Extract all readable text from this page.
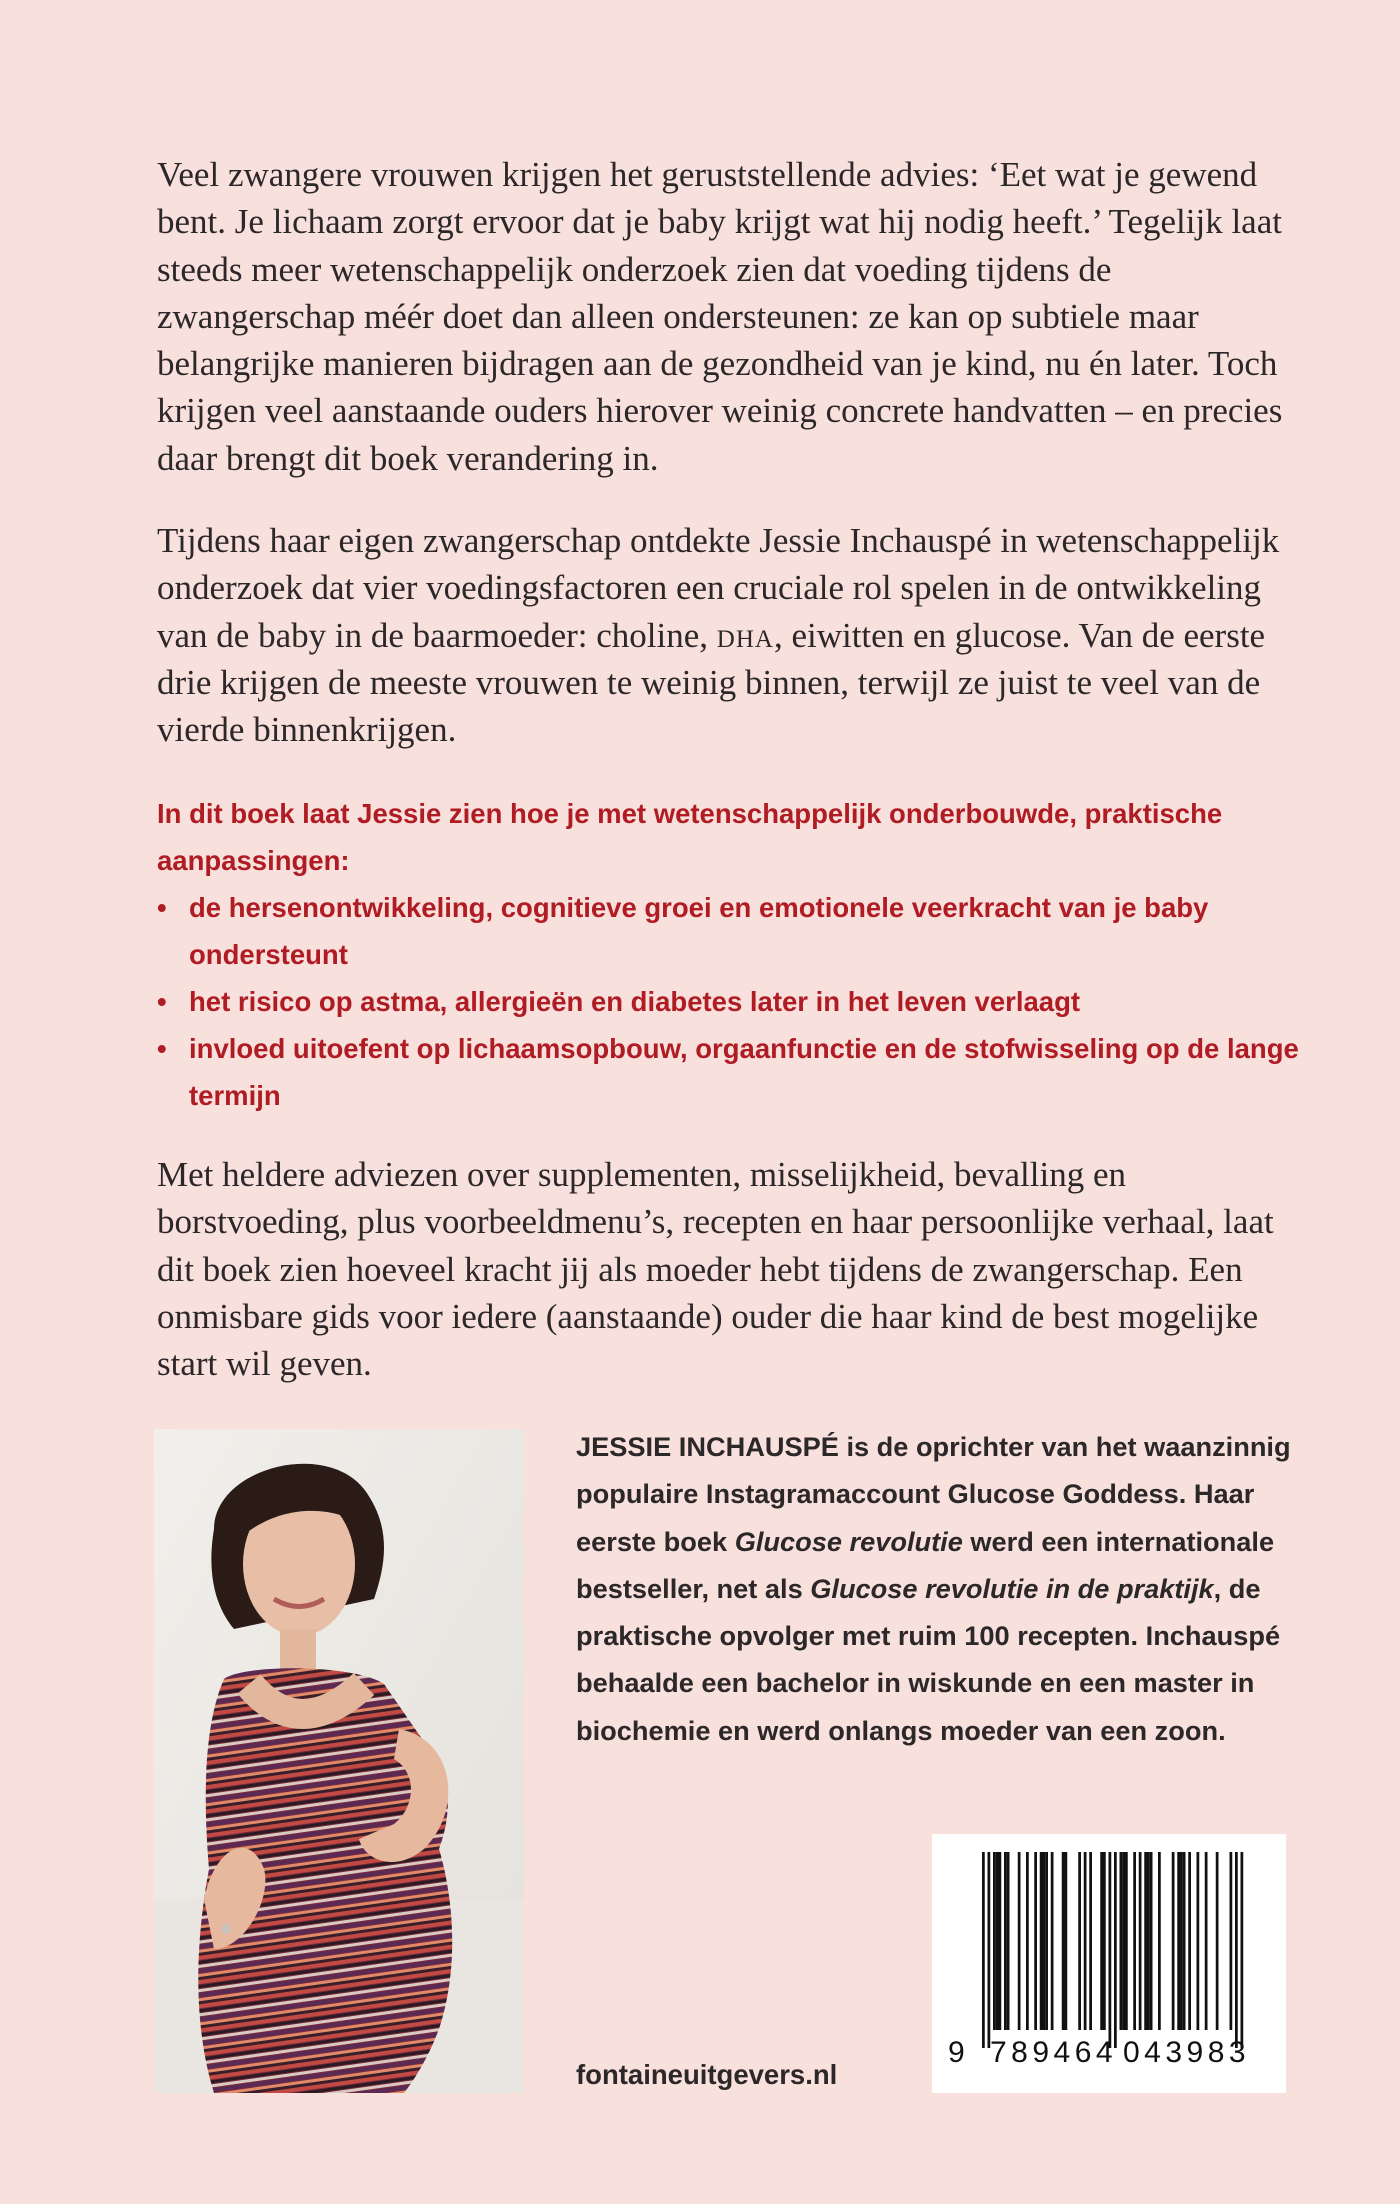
Veel zwangere vrouwen krijgen het geruststellende advies: ‘Eet wat je gewend bent. Je lichaam zorgt ervoor dat je baby krijgt wat hij nodig heeft.’ Tegelijk laat steeds meer wetenschappelijk onderzoek zien dat voeding tijdens de zwangerschap méér doet dan alleen ondersteunen: ze kan op subtiele maar belangrijke manieren bijdragen aan de gezondheid van je kind, nu én later. Toch krijgen veel aanstaande ouders hierover weinig concrete handvatten – en precies daar brengt dit boek verandering in.

Tijdens haar eigen zwangerschap ontdekte Jessie Inchauspé in wetenschappelijk onderzoek dat vier voedingsfactoren een cruciale rol spelen in de ontwikkeling van de baby in de baarmoeder: choline, dha, eiwitten en glucose. Van de eerste drie krijgen de meeste vrouwen te weinig binnen, terwijl ze juist te veel van de vierde binnenkrijgen.

In dit boek laat Jessie zien hoe je met wetenschappelijk onderbouwde, praktische aanpassingen:

• de hersenontwikkeling, cognitieve groei en emotionele veerkracht van je baby ondersteunt
• het risico op astma, allergieën en diabetes later in het leven verlaagt
• invloed uitoefent op lichaamsopbouw, orgaanfunctie en de stofwisseling op de lange termijn

Met heldere adviezen over supplementen, misselijkheid, bevalling en borstvoeding, plus voorbeeldmenu’s, recepten en haar persoonlijke verhaal, laat dit boek zien hoeveel kracht jij als moeder hebt tijdens de zwangerschap. Een onmisbare gids voor iedere (aanstaande) ouder die haar kind de best mogelijke start wil geven.

JESSIE INCHAUSPÉ is de oprichter van het waanzinnig populaire Instagramaccount Glucose Goddess. Haar eerste boek Glucose revolutie werd een internationale bestseller, net als Glucose revolutie in de praktijk, de praktische opvolger met ruim 100 recepten. Inchauspé behaalde een bachelor in wiskunde en een master in biochemie en werd onlangs moeder van een zoon.

fontaineuitgevers.nl
9 789464 043983
